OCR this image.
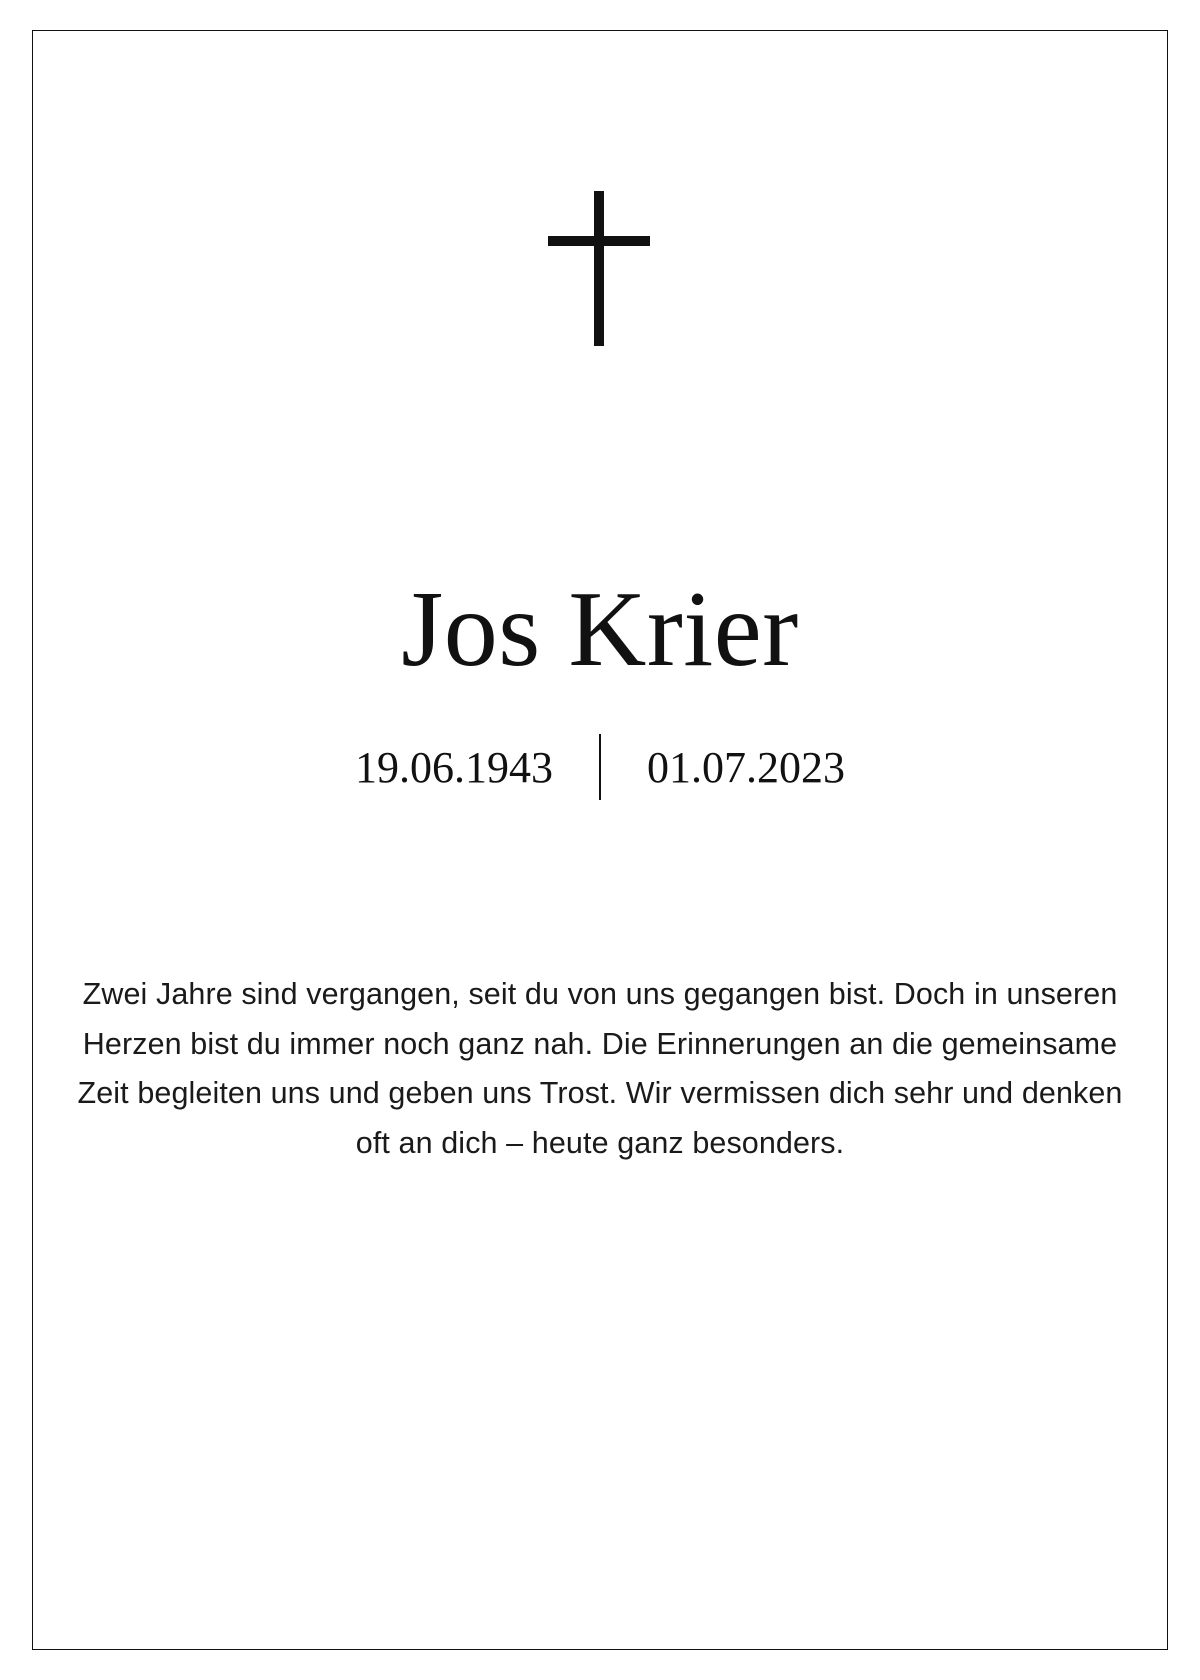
Jos Krier
19.06.1943	01.07.2023
Zwei Jahre sind vergangen, seit du von uns gegangen bist. Doch in unseren Herzen bist du immer noch ganz nah. Die Erinnerungen an die gemeinsame Zeit begleiten uns und geben uns Trost. Wir vermissen dich sehr und denken oft an dich – heute ganz besonders.
